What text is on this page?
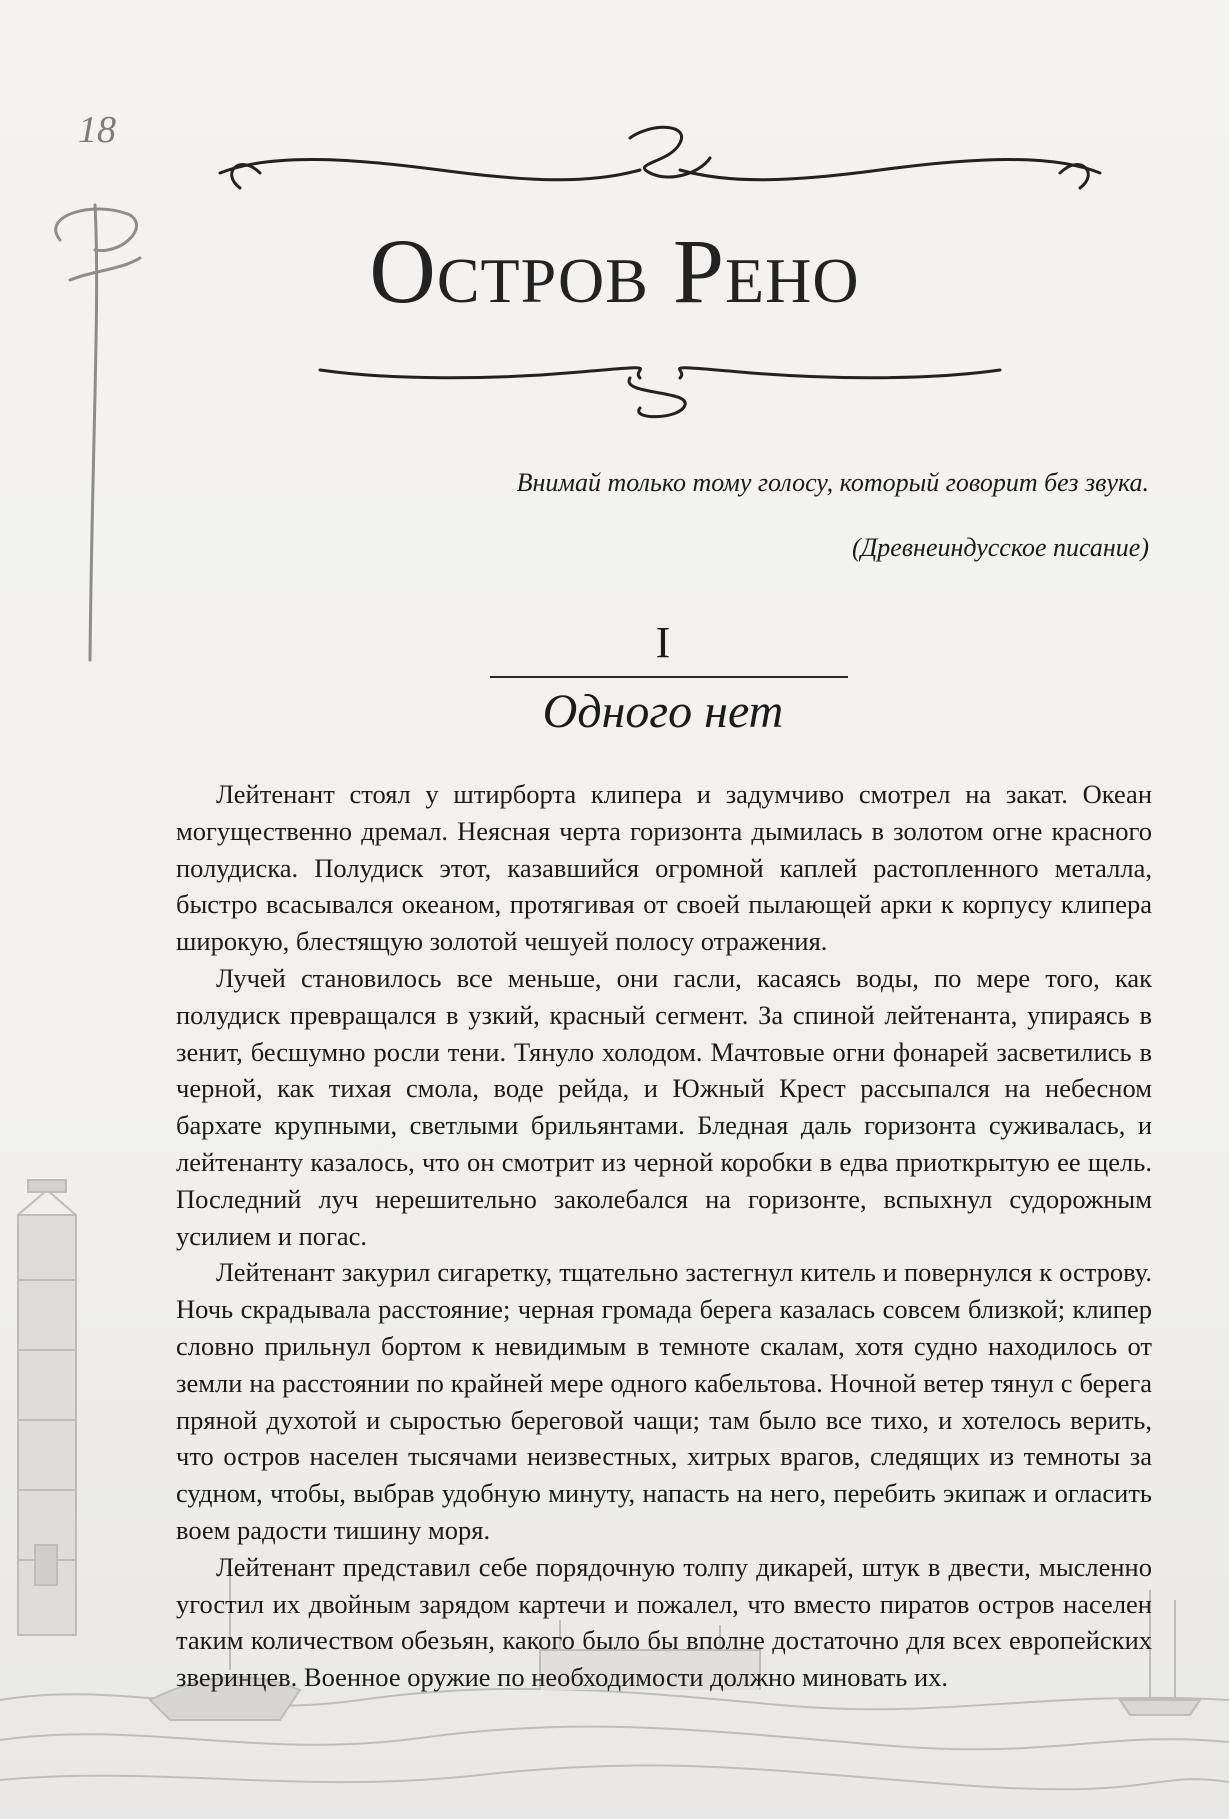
18
Остров Рено
Внимай только тому голосу, который говорит без звука.
(Древнеиндусское писание)
I
Одного нет

Лейтенант стоял у штирборта клипера и задумчиво смотрел на закат. Океан могущественно дремал. Неясная черта горизонта дымилась в золотом огне красного полудиска. Полудиск этот, казавшийся огромной каплей растопленного металла, быстро всасывался океаном, протягивая от своей пылающей арки к корпусу клипера широкую, блестящую золотой чешуей полосу отражения.

Лучей становилось все меньше, они гасли, касаясь воды, по мере того, как полудиск превращался в узкий, красный сегмент. За спиной лейтенанта, упираясь в зенит, бесшумно росли тени. Тянуло холодом. Мачтовые огни фонарей засветились в черной, как тихая смола, воде рейда, и Южный Крест рассыпался на небесном бархате крупными, светлыми брильянтами. Бледная даль горизонта суживалась, и лейтенанту казалось, что он смотрит из черной коробки в едва приоткрытую ее щель. Последний луч нерешительно заколебался на горизонте, вспыхнул судорожным усилием и погас.

Лейтенант закурил сигаретку, тщательно застегнул китель и повернулся к острову. Ночь скрадывала расстояние; черная громада берега казалась совсем близкой; клипер словно прильнул бортом к невидимым в темноте скалам, хотя судно находилось от земли на расстоянии по крайней мере одного кабельтова. Ночной ветер тянул с берега пряной духотой и сыростью береговой чащи; там было все тихо, и хотелось верить, что остров населен тысячами неизвестных, хитрых врагов, следящих из темноты за судном, чтобы, выбрав удобную минуту, напасть на него, перебить экипаж и огласить воем радости тишину моря.

Лейтенант представил себе порядочную толпу дикарей, штук в двести, мысленно угостил их двойным зарядом картечи и пожалел, что вместо пиратов остров населен таким количеством обезьян, какого было бы вполне достаточно для всех европейских зверинцев. Военное оружие по необходимости должно миновать их.
